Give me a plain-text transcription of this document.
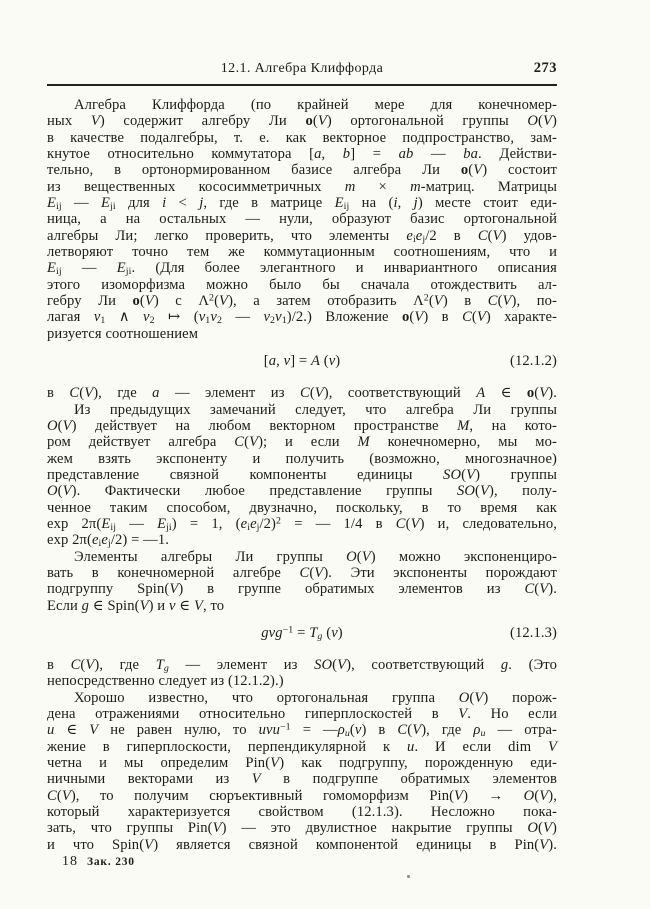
12.1. Алгебра Клиффорда	273
Алгебра Клиффорда (по крайней мере для конечномер-
ных V) содержит алгебру Ли o(V) ортогональной группы O(V)
в качестве подалгебры, т. е. как векторное подпространство, зам-
кнутое относительно коммутатора [a, b] = ab — ba. Действи-
тельно, в ортонормированном базисе алгебра Ли o(V) состоит
из вещественных кососимметричных m × m-матриц. Матрицы
$E_{ij}$ — $E_{ji}$ для i < j, где в матрице $E_{ij}$ на (i, j) месте стоит еди-
ница, а на остальных — нули, образуют базис ортогональной
алгебры Ли; легко проверить, что элементы $e_ie_j/2$ в C(V) удов-
летворяют точно тем же коммутационным соотношениям, что и
$E_{ij}$ — $E_{ji}$. (Для более элегантного и инвариантного описания
этого изоморфизма можно было бы сначала отождествить ал-
гебру Ли o(V) с $\Lambda^2(V)$, а затем отобразить $\Lambda^2(V)$ в C(V), по-
лагая $v_1$ ∧ $v_2$ ↦ ($v_1v_2$ — $v_2v_1)/2$.) Вложение o(V) в C(V) характе-
ризуется соотношением
[a, v] = A (v)	(12.1.2)
в C(V), где a — элемент из C(V), соответствующий A ∈ o(V).
Из предыдущих замечаний следует, что алгебра Ли группы
O(V) действует на любом векторном пространстве M, на кото-
ром действует алгебра C(V); и если M конечномерно, мы мо-
жем взять экспоненту и получить (возможно, многозначное)
представление связной компоненты единицы SO(V) группы
O(V). Фактически любое представление группы SO(V), полу-
ченное таким способом, двузначно, поскольку, в то время как
$\exp 2\pi(E_{ij}$ — $E_{ji}) = 1$, $(e_ie_j/2)^2$ = — 1/4 в C(V) и, следовательно,
$\exp 2\pi(e_ie_j/2)$ = —1.
Элементы алгебры Ли группы O(V) можно экспоненциро-
вать в конечномерной алгебре C(V). Эти экспоненты порождают
подгруппу Spin(V) в группе обратимых элементов из C(V).
Если g ∈ Spin(V) и v ∈ V, то
$gvg^{-1} = T_g$ (v)	(12.1.3)
в C(V), где $T_g$ — элемент из SO(V), соответствующий g. (Это
непосредственно следует из (12.1.2).)
Хорошо известно, что ортогональная группа O(V) порож-
дена отражениями относительно гиперплоскостей в V. Но если
u ∈ V не равен нулю, то $uvu^{-1} = —\rho_u(v)$ в C(V), где $\rho_u$ — отра-
жение в гиперплоскости, перпендикулярной к u. И если dim V
четна и мы определим Pin(V) как подгруппу, порожденную еди-
ничными векторами из V в подгруппе обратимых элементов
C(V), то получим сюръективный гомоморфизм Pin(V) → O(V),
который характеризуется свойством (12.1.3). Несложно пока-
зать, что группы Pin(V) — это двулистное накрытие группы O(V)
и что Spin(V) является связной компонентой единицы в Pin(V).
18 Зак. 230
